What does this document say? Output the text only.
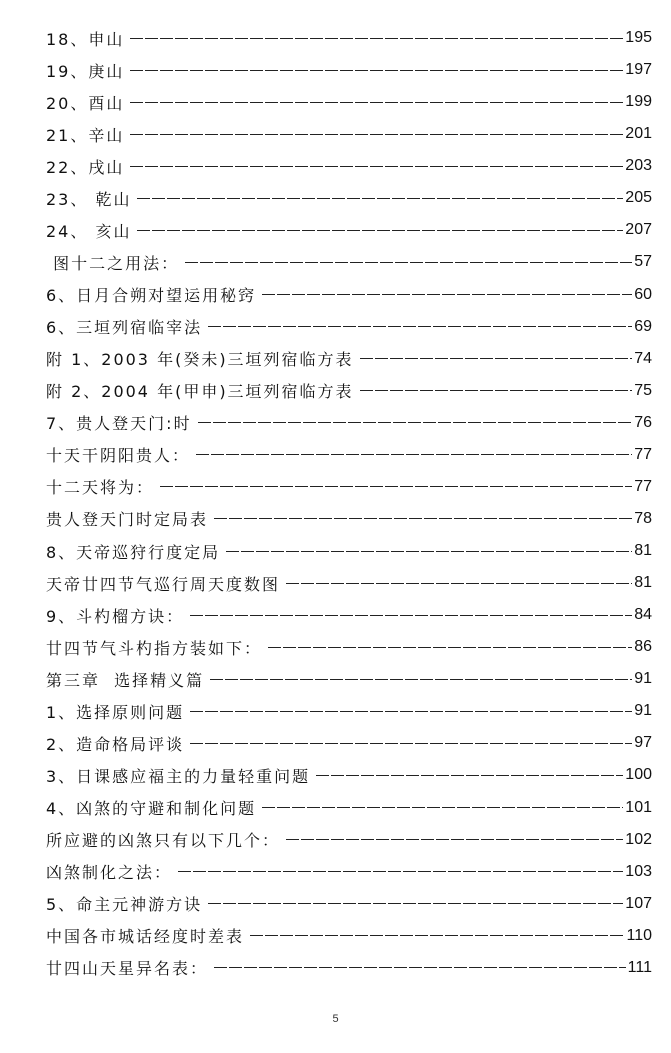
18、申山	195
19、庚山	197
20、酉山	199
21、辛山	201
22、戌山	203
23、 乾山	205
24、 亥山	207
图十二之用法：	57
6、日月合朔对望运用秘窍	60
6、三垣列宿临宰法	69
附 1、2003 年(癸未)三垣列宿临方表	74
附 2、2004 年(甲申)三垣列宿临方表	75
7、贵人登天门:时	76
十天干阴阳贵人：	77
十二天将为：	77
贵人登天门时定局表	78
8、天帝巡狩行度定局	81
天帝廿四节气巡行周天度数图	81
9、斗杓榴方诀：	84
廿四节气斗杓指方装如下：	86
第三章  选择精义篇	91
1、选择原则问题	91
2、造命格局评谈	97
3、日课感应福主的力量轻重问题	100
4、凶煞的守避和制化问题	101
所应避的凶煞只有以下几个：	102
凶煞制化之法：	103
5、命主元神游方诀	107
中国各市城话经度时差表	110
廿四山天星异名表：	111
5
